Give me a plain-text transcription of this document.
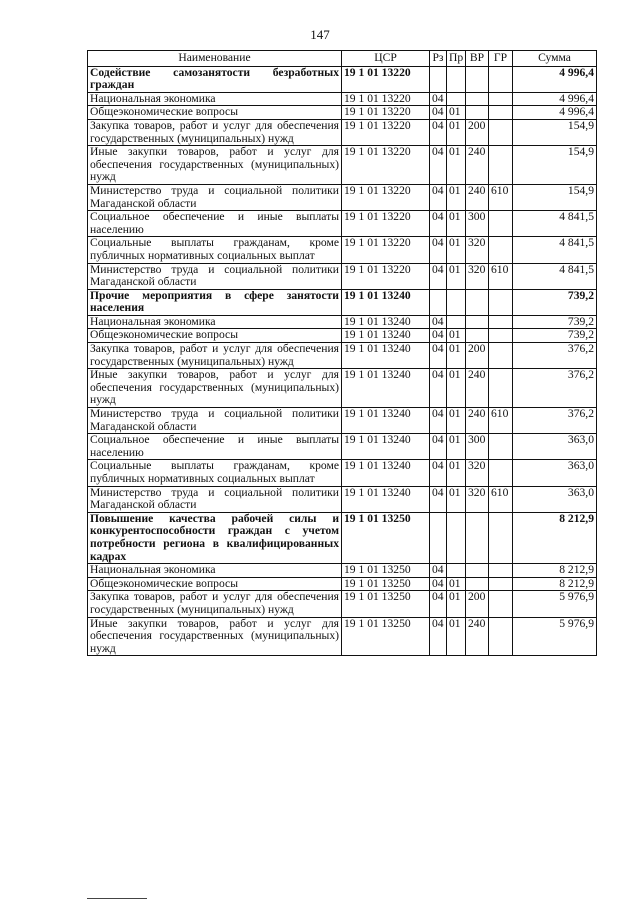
147
Наименование	ЦСР	Рз	Пр	ВР	ГР	Сумма
Содействие самозанятости безработных граждан	19 1 01 13220					4 996,4
Национальная экономика	19 1 01 13220	04				4 996,4
Общеэкономические вопросы	19 1 01 13220	04	01			4 996,4
Закупка товаров, работ и услуг для обеспечения государственных (муниципальных) нужд	19 1 01 13220	04	01	200		154,9
Иные закупки товаров, работ и услуг для обеспечения государственных (муниципальных) нужд	19 1 01 13220	04	01	240		154,9
Министерство труда и социальной политики Магаданской области	19 1 01 13220	04	01	240	610	154,9
Социальное обеспечение и иные выплаты населению	19 1 01 13220	04	01	300		4 841,5
Социальные выплаты гражданам, кроме публичных нормативных социальных выплат	19 1 01 13220	04	01	320		4 841,5
Министерство труда и социальной политики Магаданской области	19 1 01 13220	04	01	320	610	4 841,5
Прочие мероприятия в сфере занятости населения	19 1 01 13240					739,2
Национальная экономика	19 1 01 13240	04				739,2
Общеэкономические вопросы	19 1 01 13240	04	01			739,2
Закупка товаров, работ и услуг для обеспечения государственных (муниципальных) нужд	19 1 01 13240	04	01	200		376,2
Иные закупки товаров, работ и услуг для обеспечения государственных (муниципальных) нужд	19 1 01 13240	04	01	240		376,2
Министерство труда и социальной политики Магаданской области	19 1 01 13240	04	01	240	610	376,2
Социальное обеспечение и иные выплаты населению	19 1 01 13240	04	01	300		363,0
Социальные выплаты гражданам, кроме публичных нормативных социальных выплат	19 1 01 13240	04	01	320		363,0
Министерство труда и социальной политики Магаданской области	19 1 01 13240	04	01	320	610	363,0
Повышение качества рабочей силы и конкурентоспособности граждан с учетом потребности региона в квалифицированных кадрах	19 1 01 13250					8 212,9
Национальная экономика	19 1 01 13250	04				8 212,9
Общеэкономические вопросы	19 1 01 13250	04	01			8 212,9
Закупка товаров, работ и услуг для обеспечения государственных (муниципальных) нужд	19 1 01 13250	04	01	200		5 976,9
Иные закупки товаров, работ и услуг для обеспечения государственных (муниципальных) нужд	19 1 01 13250	04	01	240		5 976,9
